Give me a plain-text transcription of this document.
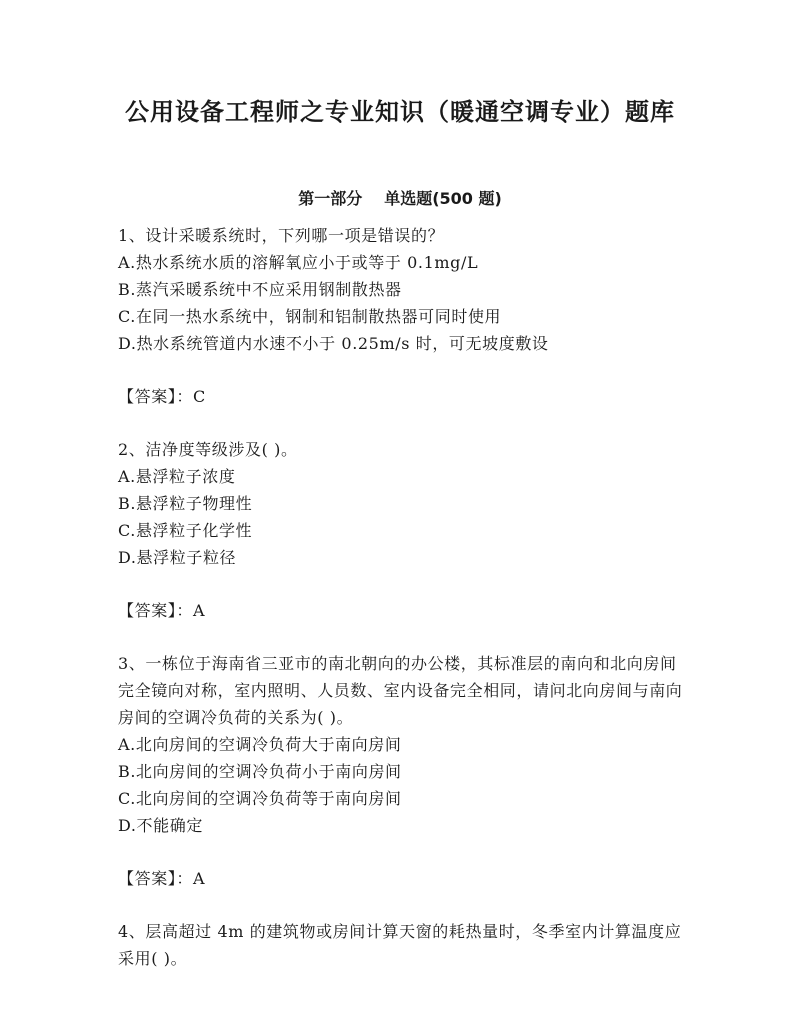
公用设备工程师之专业知识（暖通空调专业）题库
第一部分 单选题(500 题)

1、设计采暖系统时，下列哪一项是错误的？

A.热水系统水质的溶解氧应小于或等于 0.1mg/L

B.蒸汽采暖系统中不应采用钢制散热器

C.在同一热水系统中，钢制和铝制散热器可同时使用

D.热水系统管道内水速不小于 0.25m/s 时，可无坡度敷设

【答案】：C

2、洁净度等级涉及( )。

A.悬浮粒子浓度

B.悬浮粒子物理性

C.悬浮粒子化学性

D.悬浮粒子粒径

【答案】：A

3、一栋位于海南省三亚市的南北朝向的办公楼，其标准层的南向和北向房间完全镜向对称，室内照明、人员数、室内设备完全相同，请问北向房间与南向房间的空调冷负荷的关系为( )。

A.北向房间的空调冷负荷大于南向房间

B.北向房间的空调冷负荷小于南向房间

C.北向房间的空调冷负荷等于南向房间

D.不能确定

【答案】：A

4、层高超过 4m 的建筑物或房间计算天窗的耗热量时，冬季室内计算温度应采用( )。
